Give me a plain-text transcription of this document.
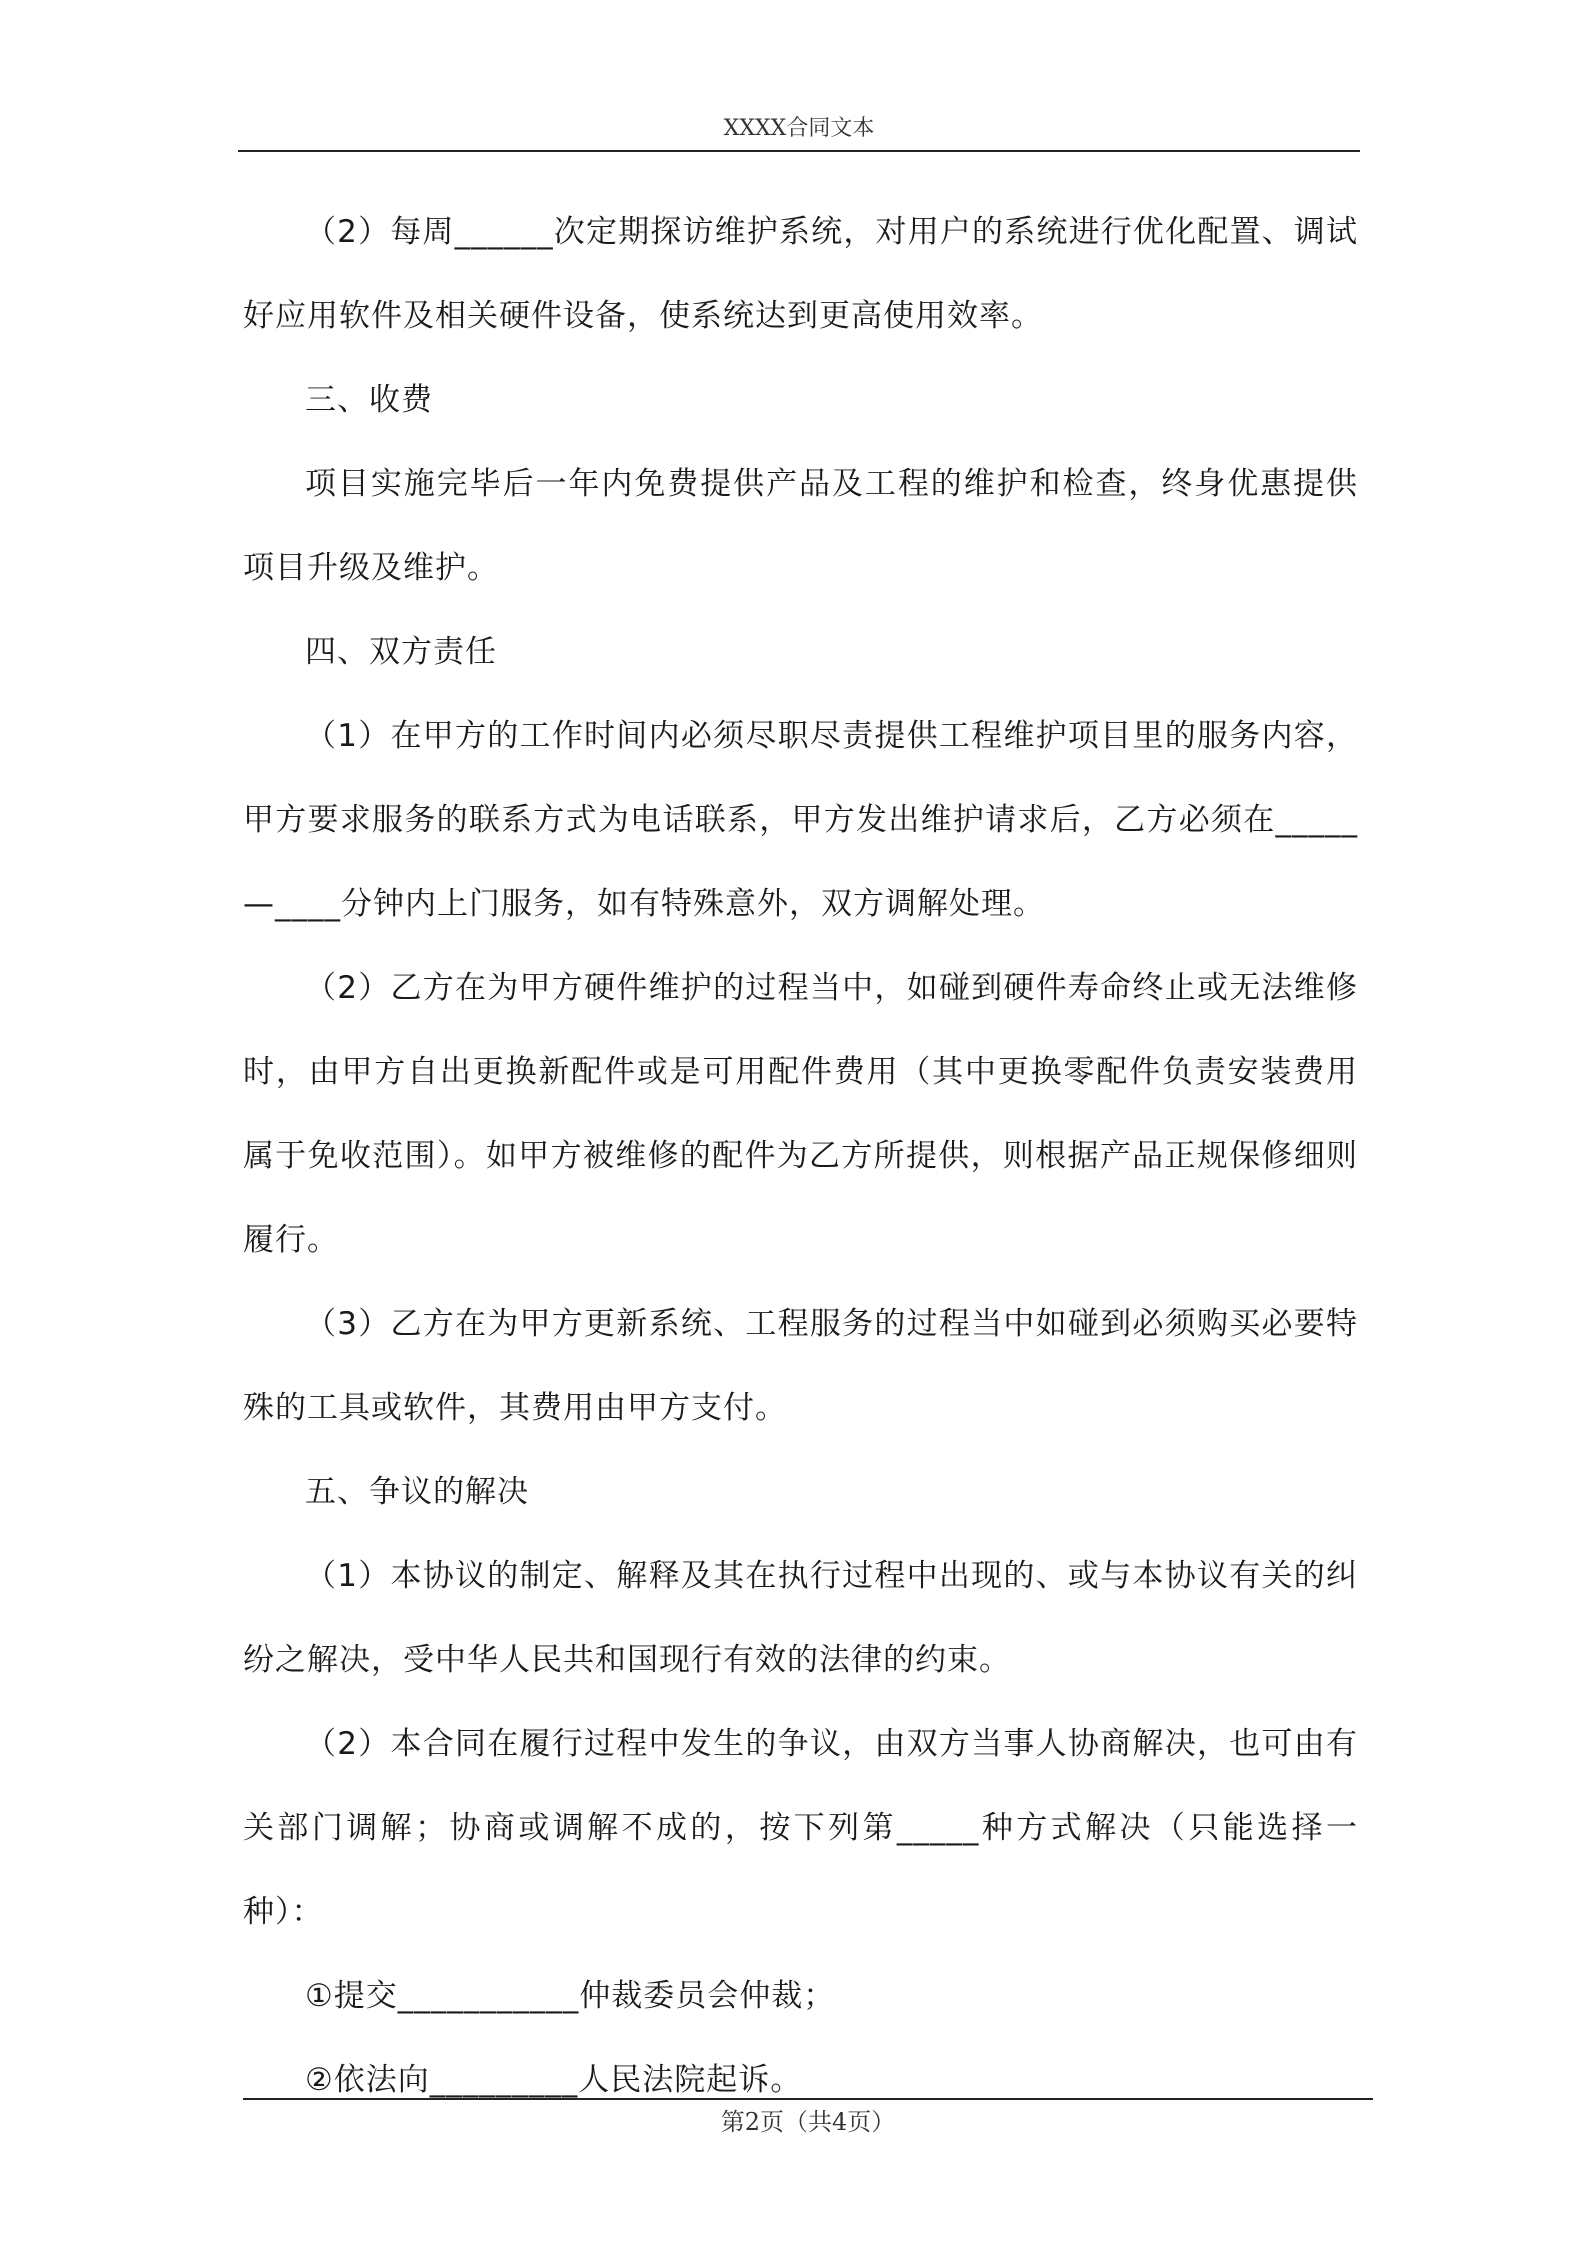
XXXX合同文本

（2）每周______次定期探访维护系统，对用户的系统进行优化配置、调试好应用软件及相关硬件设备，使系统达到更高使用效率。

三、收费

项目实施完毕后一年内免费提供产品及工程的维护和检查，终身优惠提供项目升级及维护。

四、双方责任

（1）在甲方的工作时间内必须尽职尽责提供工程维护项目里的服务内容，甲方要求服务的联系方式为电话联系，甲方发出维护请求后，乙方必须在_____—____分钟内上门服务，如有特殊意外，双方调解处理。

（2）乙方在为甲方硬件维护的过程当中，如碰到硬件寿命终止或无法维修时，由甲方自出更换新配件或是可用配件费用（其中更换零配件负责安装费用属于免收范围）。如甲方被维修的配件为乙方所提供，则根据产品正规保修细则履行。

（3）乙方在为甲方更新系统、工程服务的过程当中如碰到必须购买必要特殊的工具或软件，其费用由甲方支付。

五、争议的解决

（1）本协议的制定、解释及其在执行过程中出现的、或与本协议有关的纠纷之解决，受中华人民共和国现行有效的法律的约束。

（2）本合同在履行过程中发生的争议，由双方当事人协商解决，也可由有关部门调解；协商或调解不成的，按下列第_____种方式解决（只能选择一种）：

①提交___________仲裁委员会仲裁；

②依法向_________人民法院起诉。

第2页（共4页）
